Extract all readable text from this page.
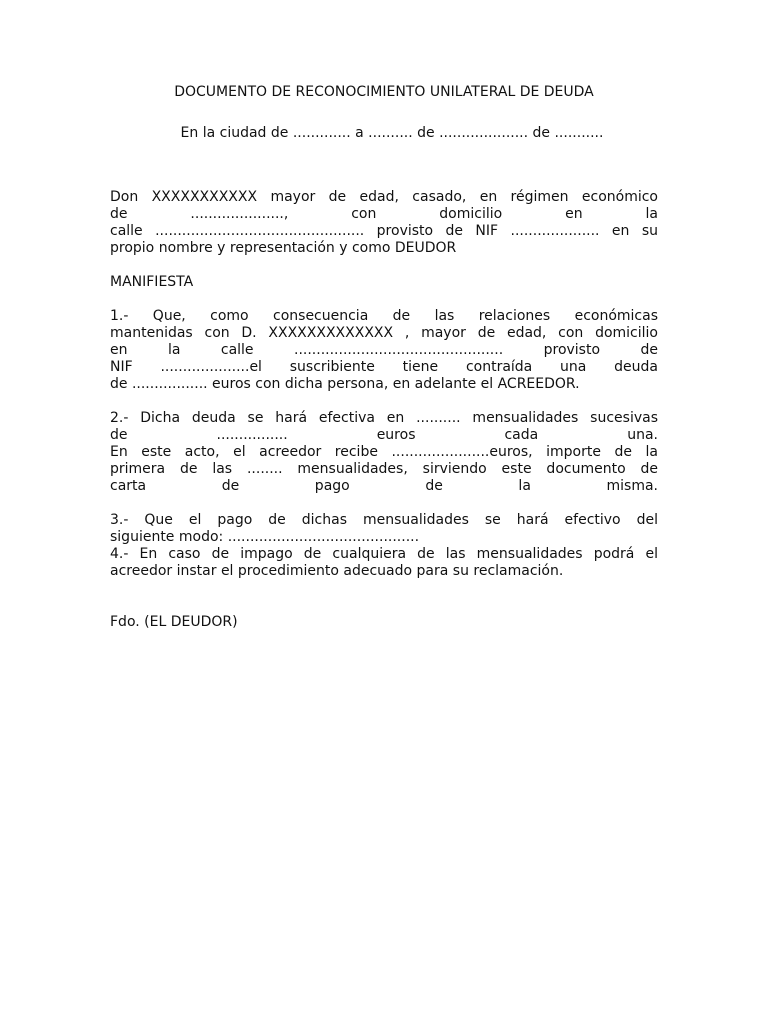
DOCUMENTO DE RECONOCIMIENTO UNILATERAL DE DEUDA
En la ciudad de ............. a .......... de .................... de ...........
Don XXXXXXXXXXX mayor de edad, casado, en régimen económico
de ....................., con domicilio en la
calle ............................................... provisto de NIF .................... en su
propio nombre y representación y como DEUDOR
MANIFIESTA
1.- Que, como consecuencia de las relaciones económicas
mantenidas con D. XXXXXXXXXXXXX , mayor de edad, con domicilio
en la calle ............................................... provisto de
NIF ....................el suscribiente tiene contraída una deuda
de ................. euros con dicha persona, en adelante el ACREEDOR.
2.- Dicha deuda se hará efectiva en .......... mensualidades sucesivas
de ................ euros cada una.
En este acto, el acreedor recibe ......................euros, importe de la
primera de las ........ mensualidades, sirviendo este documento de
carta de pago de la misma.
3.- Que el pago de dichas mensualidades se hará efectivo del
siguiente modo: ...........................................
4.- En caso de impago de cualquiera de las mensualidades podrá el
acreedor instar el procedimiento adecuado para su reclamación.
Fdo. (EL DEUDOR)
